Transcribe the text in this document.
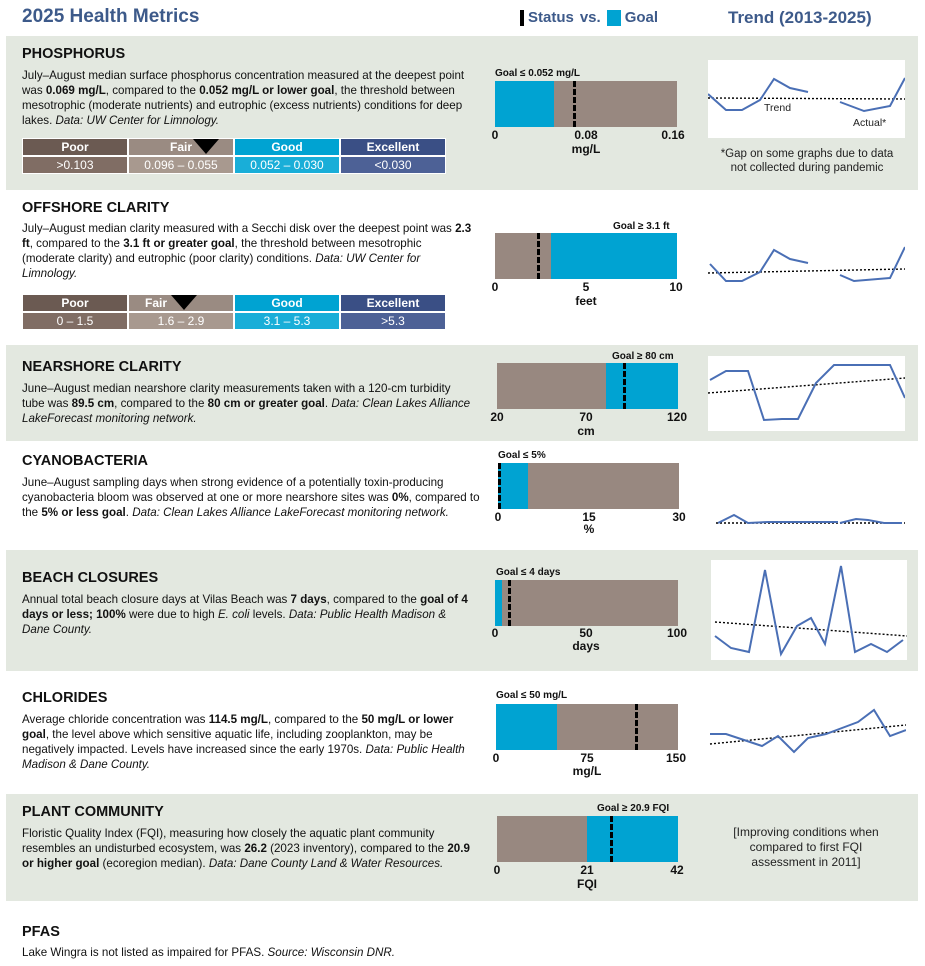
2025 Health Metrics	Status vs. Goal	Trend (2013-2025)
PHOSPHORUS
July–August median surface phosphorus concentration measured at the deepest point was 0.069 mg/L, compared to the 0.052 mg/L or lower goal, the threshold between mesotrophic (moderate nutrients) and eutrophic (excess nutrients) conditions for deep lakes. Data: UW Center for Limnology.
Poor	Fair	Good	Excellent
>0.103	0.096 – 0.055	0.052 – 0.030	<0.030
Goal ≤ 0.052 mg/L
0	0.08	0.16
mg/L
Trend
Actual*
*Gap on some graphs due to data not collected during pandemic
OFFSHORE CLARITY
July–August median clarity measured with a Secchi disk over the deepest point was 2.3 ft, compared to the 3.1 ft or greater goal, the threshold between mesotrophic (moderate clarity) and eutrophic (poor clarity) conditions. Data: UW Center for Limnology.
Poor	Fair	Good	Excellent
0 – 1.5	1.6 – 2.9	3.1 – 5.3	>5.3
Goal ≥ 3.1 ft
0	5	10
feet
NEARSHORE CLARITY
June–August median nearshore clarity measurements taken with a 120-cm turbidity tube was 89.5 cm, compared to the 80 cm or greater goal. Data: Clean Lakes Alliance LakeForecast monitoring network.
Goal ≥ 80 cm
20	70	120
cm
CYANOBACTERIA
June–August sampling days when strong evidence of a potentially toxin-producing cyanobacteria bloom was observed at one or more nearshore sites was 0%, compared to the 5% or less goal. Data: Clean Lakes Alliance LakeForecast monitoring network.
Goal ≤ 5%
0	15	30
%
BEACH CLOSURES
Annual total beach closure days at Vilas Beach was 7 days, compared to the goal of 4 days or less; 100% were due to high E. coli levels. Data: Public Health Madison & Dane County.
Goal ≤ 4 days
0	50	100
days
CHLORIDES
Average chloride concentration was 114.5 mg/L, compared to the 50 mg/L or lower goal, the level above which sensitive aquatic life, including zooplankton, may be negatively impacted. Levels have increased since the early 1970s. Data: Public Health Madison & Dane County.
Goal ≤ 50 mg/L
0	75	150
mg/L
PLANT COMMUNITY
Floristic Quality Index (FQI), measuring how closely the aquatic plant community resembles an undisturbed ecosystem, was 26.2 (2023 inventory), compared to the 20.9 or higher goal (ecoregion median). Data: Dane County Land & Water Resources.
Goal ≥ 20.9 FQI
0	21	42
FQI
[Improving conditions when compared to first FQI assessment in 2011]
PFAS
Lake Wingra is not listed as impaired for PFAS. Source: Wisconsin DNR.
